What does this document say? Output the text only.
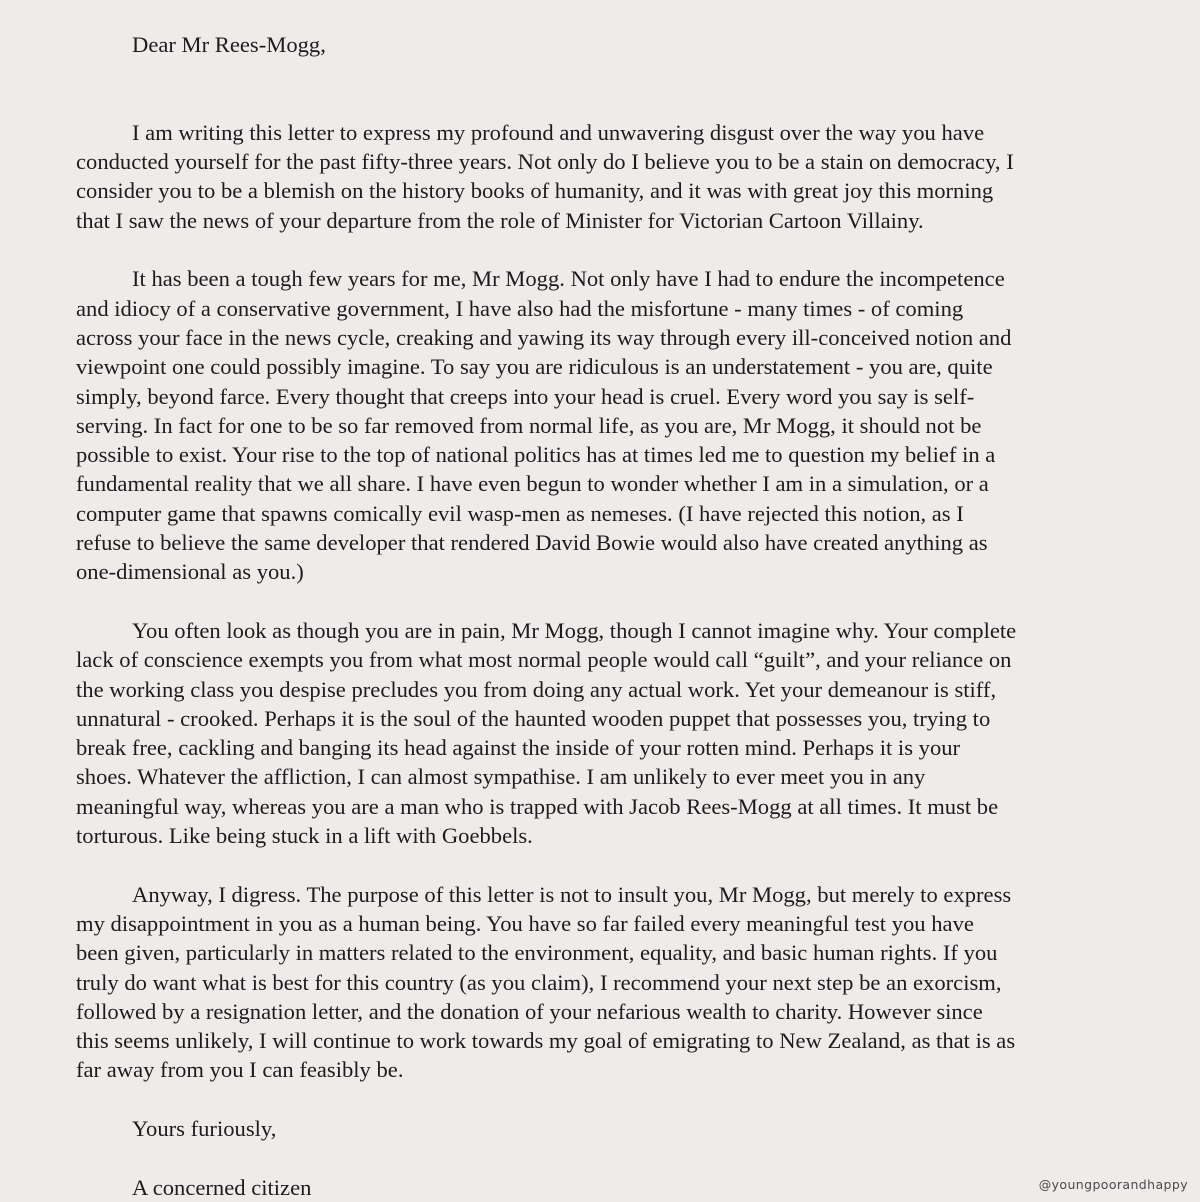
Dear Mr Rees-Mogg,
I am writing this letter to express my profound and unwavering disgust over the way you have
conducted yourself for the past fifty-three years. Not only do I believe you to be a stain on democracy, I
consider you to be a blemish on the history books of humanity, and it was with great joy this morning
that I saw the news of your departure from the role of Minister for Victorian Cartoon Villainy.
It has been a tough few years for me, Mr Mogg. Not only have I had to endure the incompetence
and idiocy of a conservative government, I have also had the misfortune - many times - of coming
across your face in the news cycle, creaking and yawing its way through every ill-conceived notion and
viewpoint one could possibly imagine. To say you are ridiculous is an understatement - you are, quite
simply, beyond farce. Every thought that creeps into your head is cruel. Every word you say is self-
serving. In fact for one to be so far removed from normal life, as you are, Mr Mogg, it should not be
possible to exist. Your rise to the top of national politics has at times led me to question my belief in a
fundamental reality that we all share. I have even begun to wonder whether I am in a simulation, or a
computer game that spawns comically evil wasp-men as nemeses. (I have rejected this notion, as I
refuse to believe the same developer that rendered David Bowie would also have created anything as
one-dimensional as you.)
You often look as though you are in pain, Mr Mogg, though I cannot imagine why. Your complete
lack of conscience exempts you from what most normal people would call “guilt”, and your reliance on
the working class you despise precludes you from doing any actual work. Yet your demeanour is stiff,
unnatural - crooked. Perhaps it is the soul of the haunted wooden puppet that possesses you, trying to
break free, cackling and banging its head against the inside of your rotten mind. Perhaps it is your
shoes. Whatever the affliction, I can almost sympathise. I am unlikely to ever meet you in any
meaningful way, whereas you are a man who is trapped with Jacob Rees-Mogg at all times. It must be
torturous. Like being stuck in a lift with Goebbels.
Anyway, I digress. The purpose of this letter is not to insult you, Mr Mogg, but merely to express
my disappointment in you as a human being. You have so far failed every meaningful test you have
been given, particularly in matters related to the environment, equality, and basic human rights. If you
truly do want what is best for this country (as you claim), I recommend your next step be an exorcism,
followed by a resignation letter, and the donation of your nefarious wealth to charity. However since
this seems unlikely, I will continue to work towards my goal of emigrating to New Zealand, as that is as
far away from you I can feasibly be.
Yours furiously,
A concerned citizen	@youngpoorandhappy
